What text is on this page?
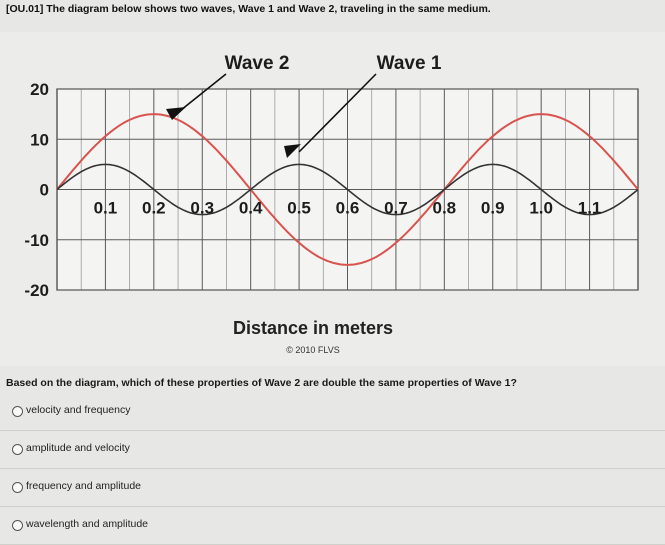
[OU.01] The diagram below shows two waves, Wave 1 and Wave 2, traveling in the same medium.
20
10
0
-10
-20
0.1 0.2 0.3 0.4 0.5 0.6 0.7 0.8 0.9 1.0 1.1
Wave 2	Wave 1
Distance in meters
© 2010 FLVS
Based on the diagram, which of these properties of Wave 2 are double the same properties of Wave 1?
velocity and frequency
amplitude and velocity
frequency and amplitude
wavelength and amplitude
